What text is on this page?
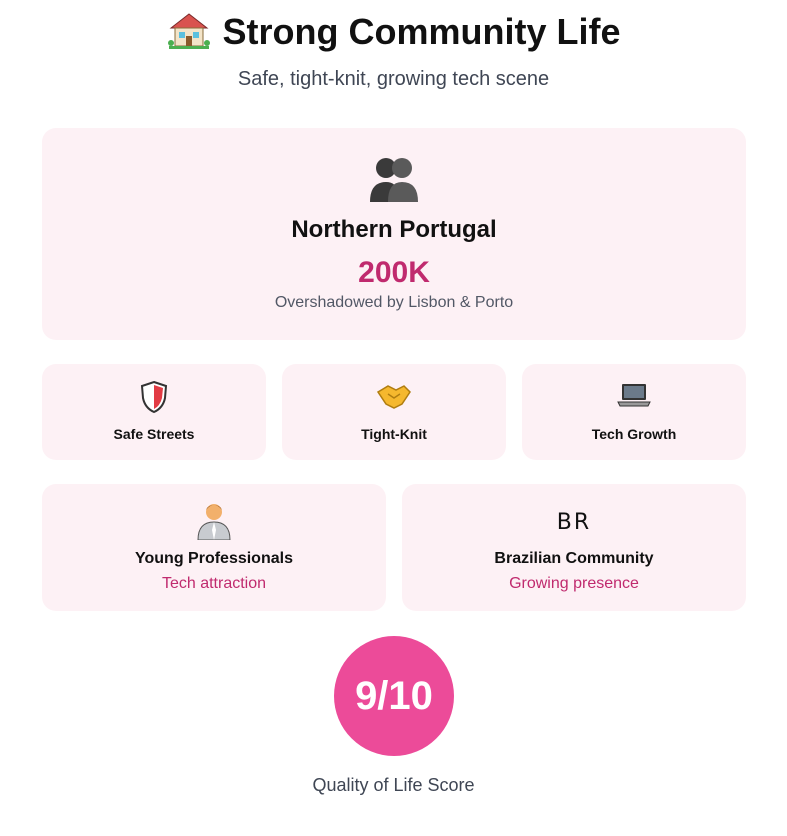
Strong Community Life
Safe, tight-knit, growing tech scene
200K
Overshadowed by Lisbon & Porto
Northern Portugal
Safe Streets	Tight-Knit	Tech Growth
Young Professionals
Tech attraction
BR
Brazilian Community
Growing presence
9/10
Quality of Life Score
